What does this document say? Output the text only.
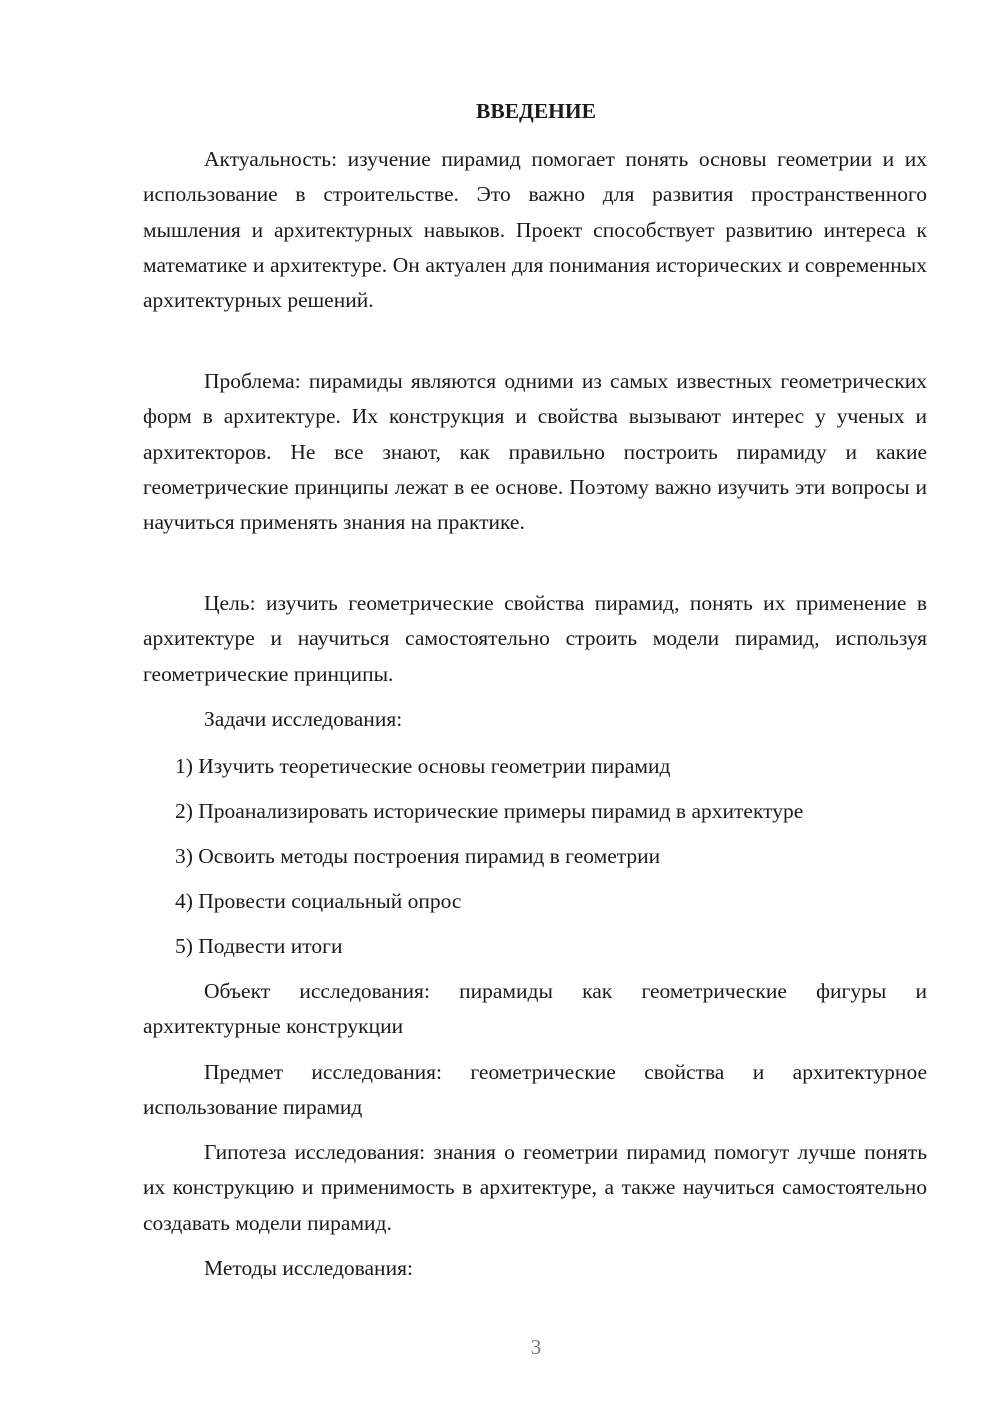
ВВЕДЕНИЕ

Актуальность: изучение пирамид помогает понять основы геометрии и их использование в строительстве. Это важно для развития пространственного мышления и архитектурных навыков. Проект способствует развитию интереса к математике и архитектуре. Он актуален для понимания исторических и современных архитектурных решений.

Проблема: пирамиды являются одними из самых известных геометрических форм в архитектуре. Их конструкция и свойства вызывают интерес у ученых и архитекторов. Не все знают, как правильно построить пирамиду и какие геометрические принципы лежат в ее основе. Поэтому важно изучить эти вопросы и научиться применять знания на практике.

Цель: изучить геометрические свойства пирамид, понять их применение в архитектуре и научиться самостоятельно строить модели пирамид, используя геометрические принципы.

Задачи исследования:

1) Изучить теоретические основы геометрии пирамид

2) Проанализировать исторические примеры пирамид в архитектуре

3) Освоить методы построения пирамид в геометрии

4) Провести социальный опрос

5) Подвести итоги

Объект исследования: пирамиды как геометрические фигуры и архитектурные конструкции

Предмет исследования: геометрические свойства и архитектурное использование пирамид

Гипотеза исследования: знания о геометрии пирамид помогут лучше понять их конструкцию и применимость в архитектуре, а также научиться самостоятельно создавать модели пирамид.

Методы исследования:

3
